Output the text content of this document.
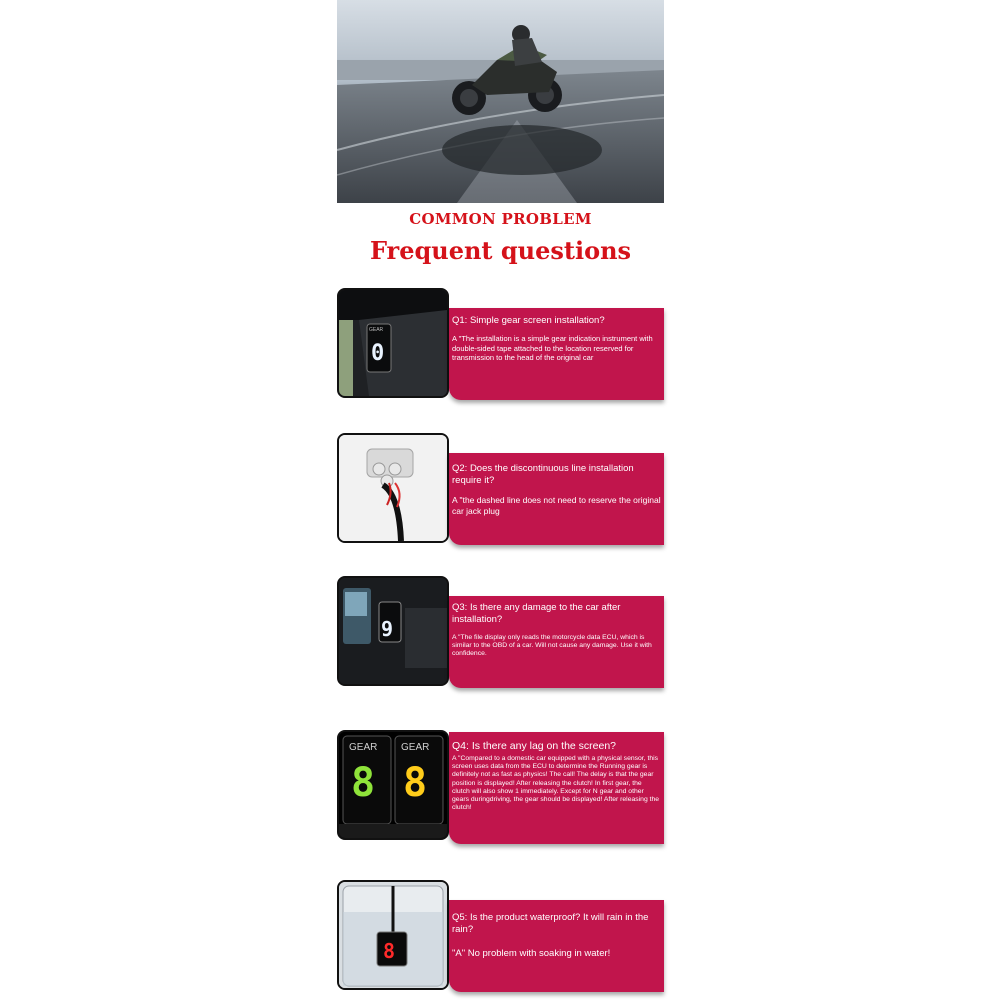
COMMON PROBLEM
Frequent questions
GEAR
0
Q1: Simple gear screen installation?
A "The installation is a simple gear indication instrument with double-sided tape attached to the location reserved for transmission to the head of the original car
Q2: Does the discontinuous line installation require it?
A "the dashed line does not need to reserve the original car jack plug
9
Q3: Is there any damage to the car after installation?
A "The file display only reads the motorcycle data ECU, which is similar to the OBD of a car. Will not cause any damage. Use it with confidence.
GEAR GEAR
8 8
Q4: Is there any lag on the screen?
A "Compared to a domestic car equipped with a physical sensor, this screen uses data from the ECU to determine the Running gear is definitely not as fast as physics! The call! The delay is that the gear position is displayed! After releasing the clutch! In first gear, the clutch will also show 1 immediately. Except for N gear and other gears duringdriving, the gear should be displayed! After releasing the clutch!
8
Q5: Is the product waterproof? It will rain in the rain?
"A" No problem with soaking in water!
